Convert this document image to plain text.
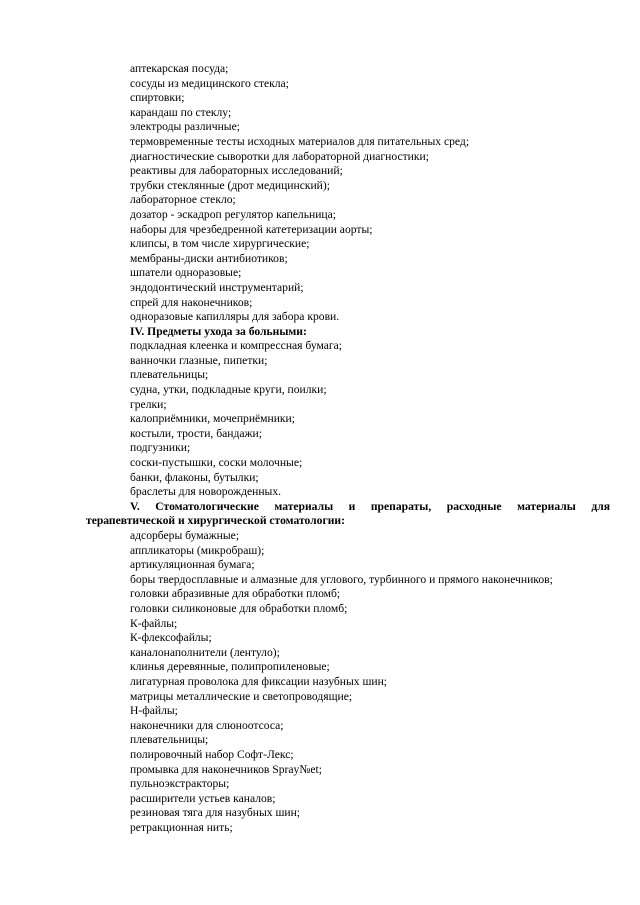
аптекарская посуда;
сосуды из медицинского стекла;
спиртовки;
карандаш по стеклу;
электроды различные;
термовременные тесты исходных материалов для питательных сред;
диагностические сыворотки для лабораторной диагностики;
реактивы для лабораторных исследований;
трубки стеклянные (дрот медицинский);
лабораторное стекло;
дозатор - эскадроп регулятор капельница;
наборы для чрезбедренной катетеризации аорты;
клипсы, в том числе хирургические;
мембраны-диски антибиотиков;
шпатели одноразовые;
эндодонтический инструментарий;
спрей для наконечников;
одноразовые капилляры для забора крови.
IV. Предметы ухода за больными:
подкладная клеенка и компрессная бумага;
ванночки глазные, пипетки;
плевательницы;
судна, утки, подкладные круги, поилки;
грелки;
калоприёмники, мочеприёмники;
костыли, трости, бандажи;
подгузники;
соски-пустышки, соски молочные;
банки, флаконы, бутылки;
браслеты для новорожденных.
V. Стоматологические материалы и препараты, расходные материалы для терапевтической и хирургической стоматологии:
адсорберы бумажные;
аппликаторы (микробраш);
артикуляционная бумага;
боры твердосплавные и алмазные для углового, турбинного и прямого наконечников;
головки абразивные для обработки пломб;
головки силиконовые для обработки пломб;
К-файлы;
К-флексофайлы;
каналонаполнители (лентуло);
клинья деревянные, полипропиленовые;
лигатурная проволока для фиксации назубных шин;
матрицы металлические и светопроводящие;
Н-файлы;
наконечники для слюноотсоса;
плевательницы;
полировочный набор Софт-Лекс;
промывка для наконечников Spray№et;
пульноэкстракторы;
расширители устьев каналов;
резиновая тяга для назубных шин;
ретракционная нить;
